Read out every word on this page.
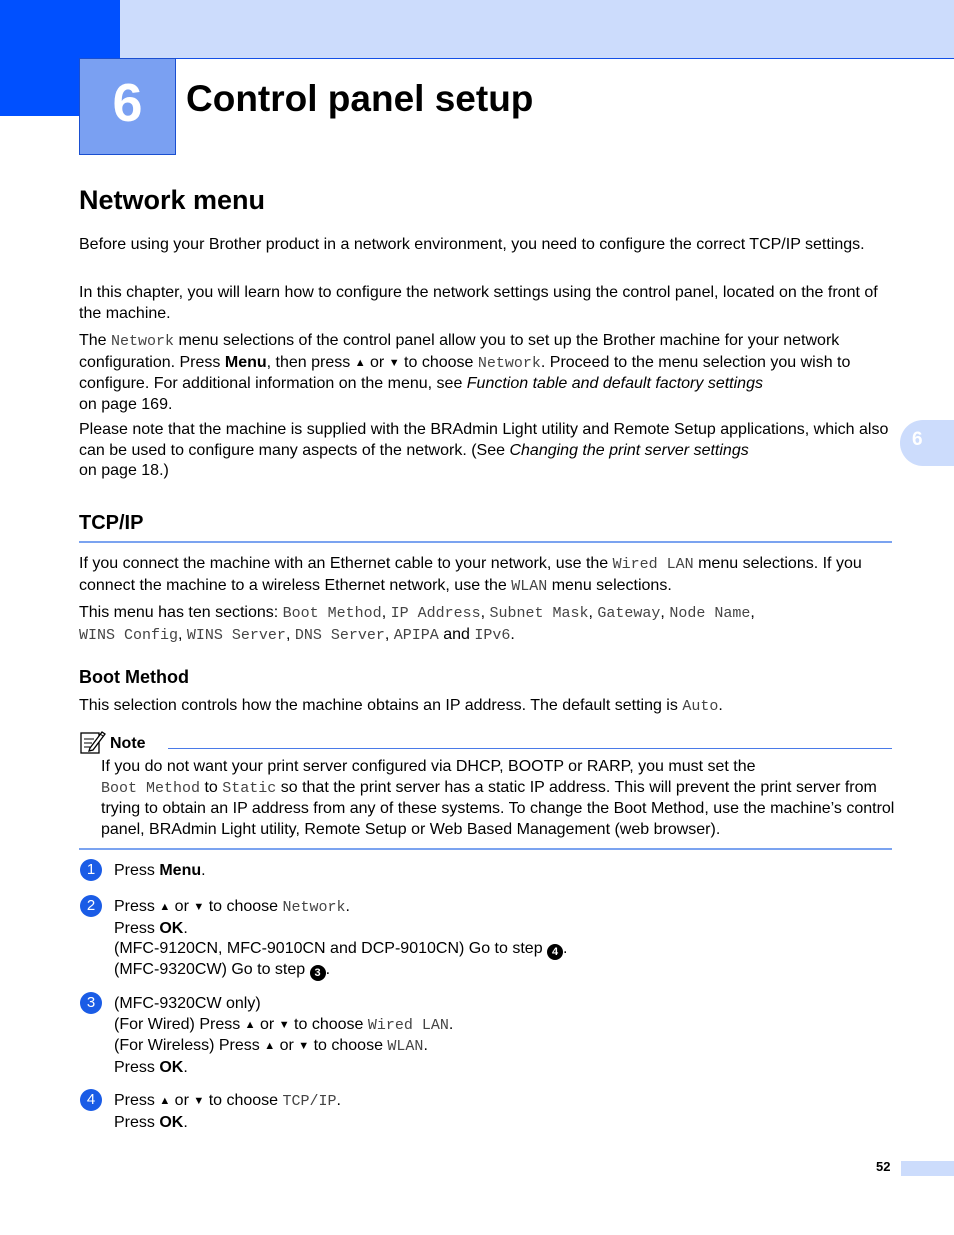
6	Control panel setup
6
Network menu
Before using your Brother product in a network environment, you need to configure the correct TCP/IP settings.
In this chapter, you will learn how to configure the network settings using the control panel, located on the front of the machine.
The Network menu selections of the control panel allow you to set up the Brother machine for your network configuration. Press Menu, then press ▲ or ▼ to choose Network. Proceed to the menu selection you wish to configure. For additional information on the menu, see Function table and default factory settings
on page 169.
Please note that the machine is supplied with the BRAdmin Light utility and Remote Setup applications, which also can be used to configure many aspects of the network. (See Changing the print server settings
on page 18.)
TCP/IP
If you connect the machine with an Ethernet cable to your network, use the Wired LAN menu selections. If you connect the machine to a wireless Ethernet network, use the WLAN menu selections.
This menu has ten sections: Boot Method, IP Address, Subnet Mask, Gateway, Node Name,
WINS Config, WINS Server, DNS Server, APIPA and IPv6.
Boot Method
This selection controls how the machine obtains an IP address. The default setting is Auto.
Note
If you do not want your print server configured via DHCP, BOOTP or RARP, you must set the
Boot Method to Static so that the print server has a static IP address. This will prevent the print server from trying to obtain an IP address from any of these systems. To change the Boot Method, use the machine’s control panel, BRAdmin Light utility, Remote Setup or Web Based Management (web browser).
1	Press Menu.
2	Press ▲ or ▼ to choose Network.
Press OK.
(MFC-9120CN, MFC-9010CN and DCP-9010CN) Go to step 4 .
(MFC-9320CW) Go to step 3 .
3	(MFC-9320CW only)
(For Wired) Press ▲ or ▼ to choose Wired LAN.
(For Wireless) Press ▲ or ▼ to choose WLAN.
Press OK.
4	Press ▲ or ▼ to choose TCP/IP.
Press OK.
52
